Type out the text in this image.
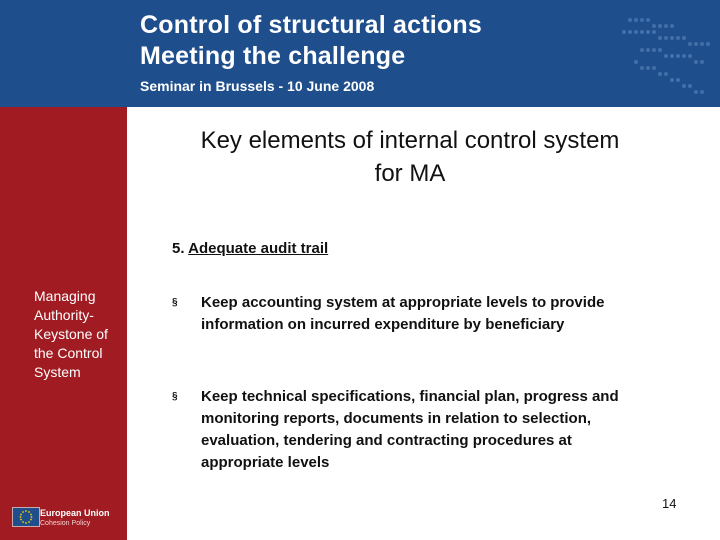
Control of structural actions
Meeting the challenge
Seminar in Brussels - 10 June 2008
Managing Authority-Keystone of the Control System
European Union
Cohesion Policy
Key elements of internal control system for MA
5. Adequate audit trail
§ Keep accounting system at appropriate levels to provide information on incurred expenditure by beneficiary
§ Keep technical specifications, financial plan, progress and monitoring reports, documents in relation to selection, evaluation, tendering and contracting procedures at appropriate levels
14
